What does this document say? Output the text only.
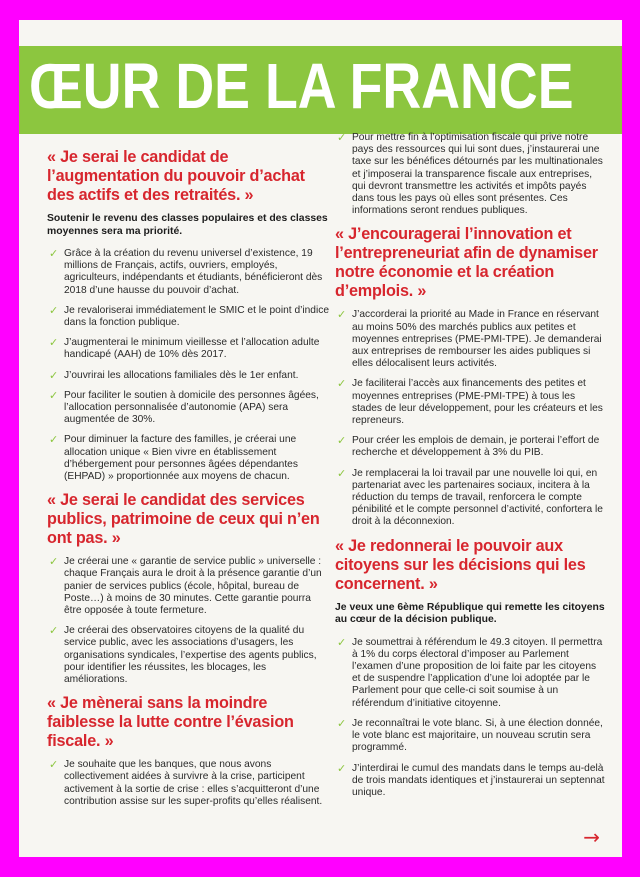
ŒUR DE LA FRANCE
« Je serai le candidat de l’augmentation du pouvoir d’achat des actifs et des retraités. »
Soutenir le revenu des classes populaires et des classes moyennes sera ma priorité.
✓ Grâce à la création du revenu universel d’existence, 19 millions de Français, actifs, ouvriers, employés, agriculteurs, indépendants et étudiants, bénéficieront dès 2018 d’une hausse du pouvoir d’achat.
✓ Je revaloriserai immédiatement le SMIC et le point d’indice dans la fonction publique.
✓ J’augmenterai le minimum vieillesse et l’allocation adulte handicapé (AAH) de 10% dès 2017.
✓ J’ouvrirai les allocations familiales dès le 1er enfant.
✓ Pour faciliter le soutien à domicile des personnes âgées, l’allocation personnalisée d’autonomie (APA) sera augmentée de 30%.
✓ Pour diminuer la facture des familles, je créerai une allocation unique « Bien vivre en établissement d’hébergement pour personnes âgées dépendantes (EHPAD) » proportionnée aux moyens de chacun.
« Je serai le candidat des services publics, patrimoine de ceux qui n’en ont pas. »
✓ Je créerai une « garantie de service public » universelle : chaque Français aura le droit à la présence garantie d’un panier de services publics (école, hôpital, bureau de Poste…) à moins de 30 minutes. Cette garantie pourra être opposée à toute fermeture.
✓ Je créerai des observatoires citoyens de la qualité du service public, avec les associations d’usagers, les organisations syndicales, l’expertise des agents publics, pour identifier les réussites, les blocages, les améliorations.
« Je mènerai sans la moindre faiblesse la lutte contre l’évasion fiscale. »
✓ Je souhaite que les banques, que nous avons collectivement aidées à survivre à la crise, participent activement à la sortie de crise : elles s’acquitteront d’une contribution assise sur les super-profits qu’elles réalisent.
✓ Pour mettre fin à l’optimisation fiscale qui prive notre pays des ressources qui lui sont dues, j’instaurerai une taxe sur les bénéfices détournés par les multinationales et j’imposerai la transparence fiscale aux entreprises, qui devront transmettre les activités et impôts payés dans tous les pays où elles sont présentes. Ces informations seront rendues publiques.
« J’encouragerai l’innovation et l’entrepreneuriat afin de dynamiser notre économie et la création d’emplois. »
✓ J’accorderai la priorité au Made in France en réservant au moins 50% des marchés publics aux petites et moyennes entreprises (PME-PMI-TPE). Je demanderai aux entreprises de rembourser les aides publiques si elles délocalisent leurs activités.
✓ Je faciliterai l’accès aux financements des petites et moyennes entreprises (PME-PMI-TPE) à tous les stades de leur développement, pour les créateurs et les repreneurs.
✓ Pour créer les emplois de demain, je porterai l’effort de recherche et développement à 3% du PIB.
✓ Je remplacerai la loi travail par une nouvelle loi qui, en partenariat avec les partenaires sociaux, incitera à la réduction du temps de travail, renforcera le compte pénibilité et le compte personnel d’activité, confortera le droit à la déconnexion.
« Je redonnerai le pouvoir aux citoyens sur les décisions qui les concernent. »
Je veux une 6ème République qui remette les citoyens au cœur de la décision publique.
✓ Je soumettrai à référendum le 49.3 citoyen. Il permettra à 1% du corps électoral d’imposer au Parlement l’examen d’une proposition de loi faite par les citoyens et de suspendre l’application d’une loi adoptée par le Parlement pour que celle-ci soit soumise à un référendum d’initiative citoyenne.
✓ Je reconnaîtrai le vote blanc. Si, à une élection donnée, le vote blanc est majoritaire, un nouveau scrutin sera programmé.
✓ J’interdirai le cumul des mandats dans le temps au-delà de trois mandats identiques et j’instaurerai un septennat unique.
→
